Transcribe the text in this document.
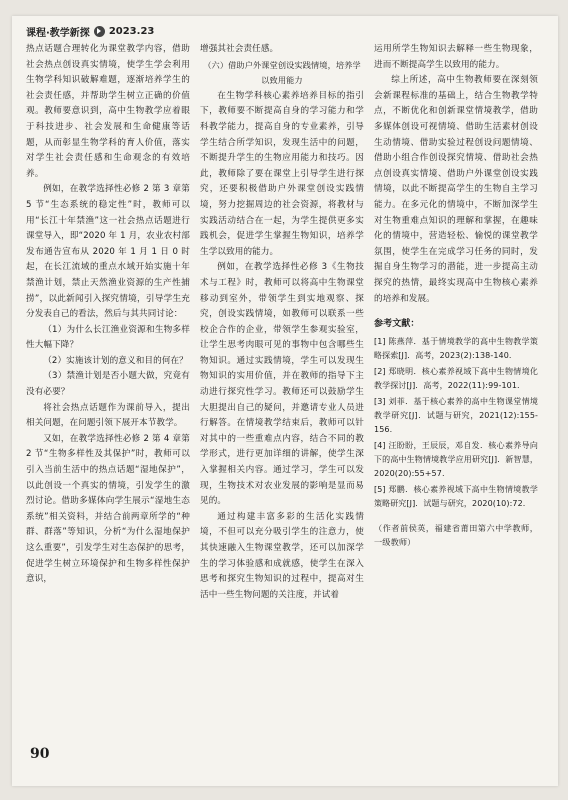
课程·教学新探 2023.23

热点话题合理转化为课堂教学内容，借助社会热点创设真实情境，使学生学会利用生物学科知识破解难题，逐渐培养学生的社会责任感，并帮助学生树立正确的价值观。教师要意识到，高中生物教学应着眼于科技进步、社会发展和生命健康等话题，从而彰显生物学科的育人价值，落实对学生社会责任感和生命观念的有效培养。

例如，在教学选择性必修 2 第 3 章第 5 节“生态系统的稳定性”时，教师可以用“长江十年禁渔”这一社会热点话题进行课堂导入，即“2020 年 1 月，农业农村部发布通告宣布从 2020 年 1 月 1 日 0 时起，在长江流域的重点水域开始实施十年禁渔计划，禁止天然渔业资源的生产性捕捞”，以此新闻引入探究情境，引导学生充分发表自己的看法，然后与其共同讨论：

（1）为什么长江渔业资源和生物多样性大幅下降？

（2）实施该计划的意义和目的何在？

（3）禁渔计划是否小题大做，究竟有没有必要？

将社会热点话题作为课前导入，提出相关问题，在问题引领下展开本节教学。

又如，在教学选择性必修 2 第 4 章第 2 节“生物多样性及其保护”时，教师可以引入当前生活中的热点话题“湿地保护”，以此创设一个真实的情境，引发学生的激烈讨论。借助多媒体向学生展示“湿地生态系统”相关资料，并结合前两章所学的“种群、群落”等知识，分析“为什么湿地保护这么重要”，引发学生对生态保护的思考，促进学生树立环境保护和生物多样性保护意识，

增强其社会责任感。

（六）借助户外课堂创设实践情境，培养学以致用能力

在生物学科核心素养培养目标的指引下，教师要不断提高自身的学习能力和学科教学能力，提高自身的专业素养，引导学生结合所学知识，发现生活中的问题，不断提升学生的生物应用能力和技巧。因此，教师除了要在课堂上引导学生进行探究，还要积极借助户外课堂创设实践情境，努力挖掘周边的社会资源，将教材与实践活动结合在一起，为学生提供更多实践机会，促进学生掌握生物知识，培养学生学以致用的能力。

例如，在教学选择性必修 3《生物技术与工程》时，教师可以将高中生物课堂移动到室外，带领学生到实地观察、探究，创设实践情境，如教师可以联系一些校企合作的企业，带领学生参观实验室，让学生思考肉眼可见的事物中包含哪些生物知识。通过实践情境，学生可以发现生物知识的实用价值，并在教师的指导下主动进行探究性学习。教师还可以鼓励学生大胆提出自己的疑问，并邀请专业人员进行解答。在情境教学结束后，教师可以针对其中的一些重难点内容，结合不同的教学形式，进行更加详细的讲解，使学生深入掌握相关内容。通过学习，学生可以发现，生物技术对农业发展的影响是显而易见的。

通过构建丰富多彩的生活化实践情境，不但可以充分吸引学生的注意力，使其快速融入生物课堂教学，还可以加深学生的学习体验感和成就感，使学生在深入思考和探究生物知识的过程中，提高对生活中一些生物问题的关注度，并试着

运用所学生物知识去解释一些生物现象，进而不断提高学生以致用的能力。

综上所述，高中生物教师要在深刻领会新课程标准的基础上，结合生物教学特点，不断优化和创新课堂情境教学，借助多媒体创设可视情境、借助生活素材创设生动情境、借助实验过程创设问题情境、借助小组合作创设探究情境、借助社会热点创设真实情境、借助户外课堂创设实践情境，以此不断提高学生的生物自主学习能力。在多元化的情境中，不断加深学生对生物重难点知识的理解和掌握，在趣味化的情境中，营造轻松、愉悦的课堂教学氛围，使学生在完成学习任务的同时，发掘自身生物学习的潜能，进一步提高主动探究的热情，最终实现高中生物核心素养的培养和发展。

参考文献：

[1] 陈燕萍．基于情境教学的高中生物教学策略探索[J]．高考，2023(2):138-140.

[2] 郑晓明．核心素养视域下高中生物情境化教学探讨[J]．高考，2022(11):99-101.

[3] 刘菲．基于核心素养的高中生物课堂情境教学研究[J]．试题与研究，2021(12):155-156.

[4] 汪盼盼，王辰辰，邓自发．核心素养导向下的高中生物情境教学应用研究[J]．新智慧，2020(20):55+57.

[5] 郑鹏．核心素养视域下高中生物情境教学策略研究[J]．试题与研究，2020(10):72.

（作者前侯英，福建省莆田第六中学教师，一级教师）

90
